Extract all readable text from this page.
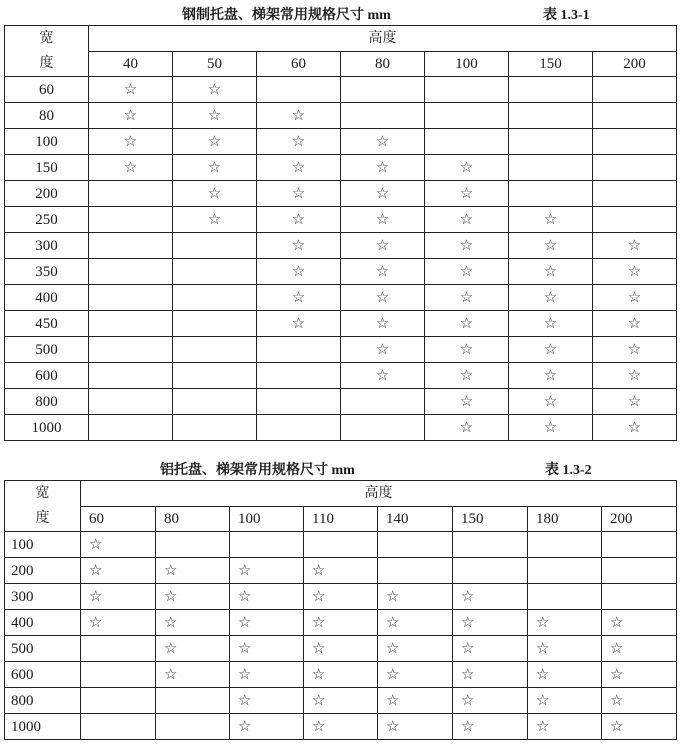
钢制托盘、梯架常用规格尺寸 mm	表 1.3-1
宽
度	高度						
	40	50	60	80	100	150	200
60	☆	☆					
80	☆	☆	☆				
100	☆	☆	☆	☆			
150	☆	☆	☆	☆	☆		
200		☆	☆	☆	☆		
250		☆	☆	☆	☆	☆	
300			☆	☆	☆	☆	☆
350			☆	☆	☆	☆	☆
400			☆	☆	☆	☆	☆
450			☆	☆	☆	☆	☆
500				☆	☆	☆	☆
600				☆	☆	☆	☆
800					☆	☆	☆
1000					☆	☆	☆
铝托盘、梯架常用规格尺寸 mm	表 1.3-2
宽
度	高度							
	60	80	100	110	140	150	180	200
100	☆							
200	☆	☆	☆	☆				
300	☆	☆	☆	☆	☆	☆		
400	☆	☆	☆	☆	☆	☆	☆	☆
500		☆	☆	☆	☆	☆	☆	☆
600		☆	☆	☆	☆	☆	☆	☆
800			☆	☆	☆	☆	☆	☆
1000			☆	☆	☆	☆	☆	☆
